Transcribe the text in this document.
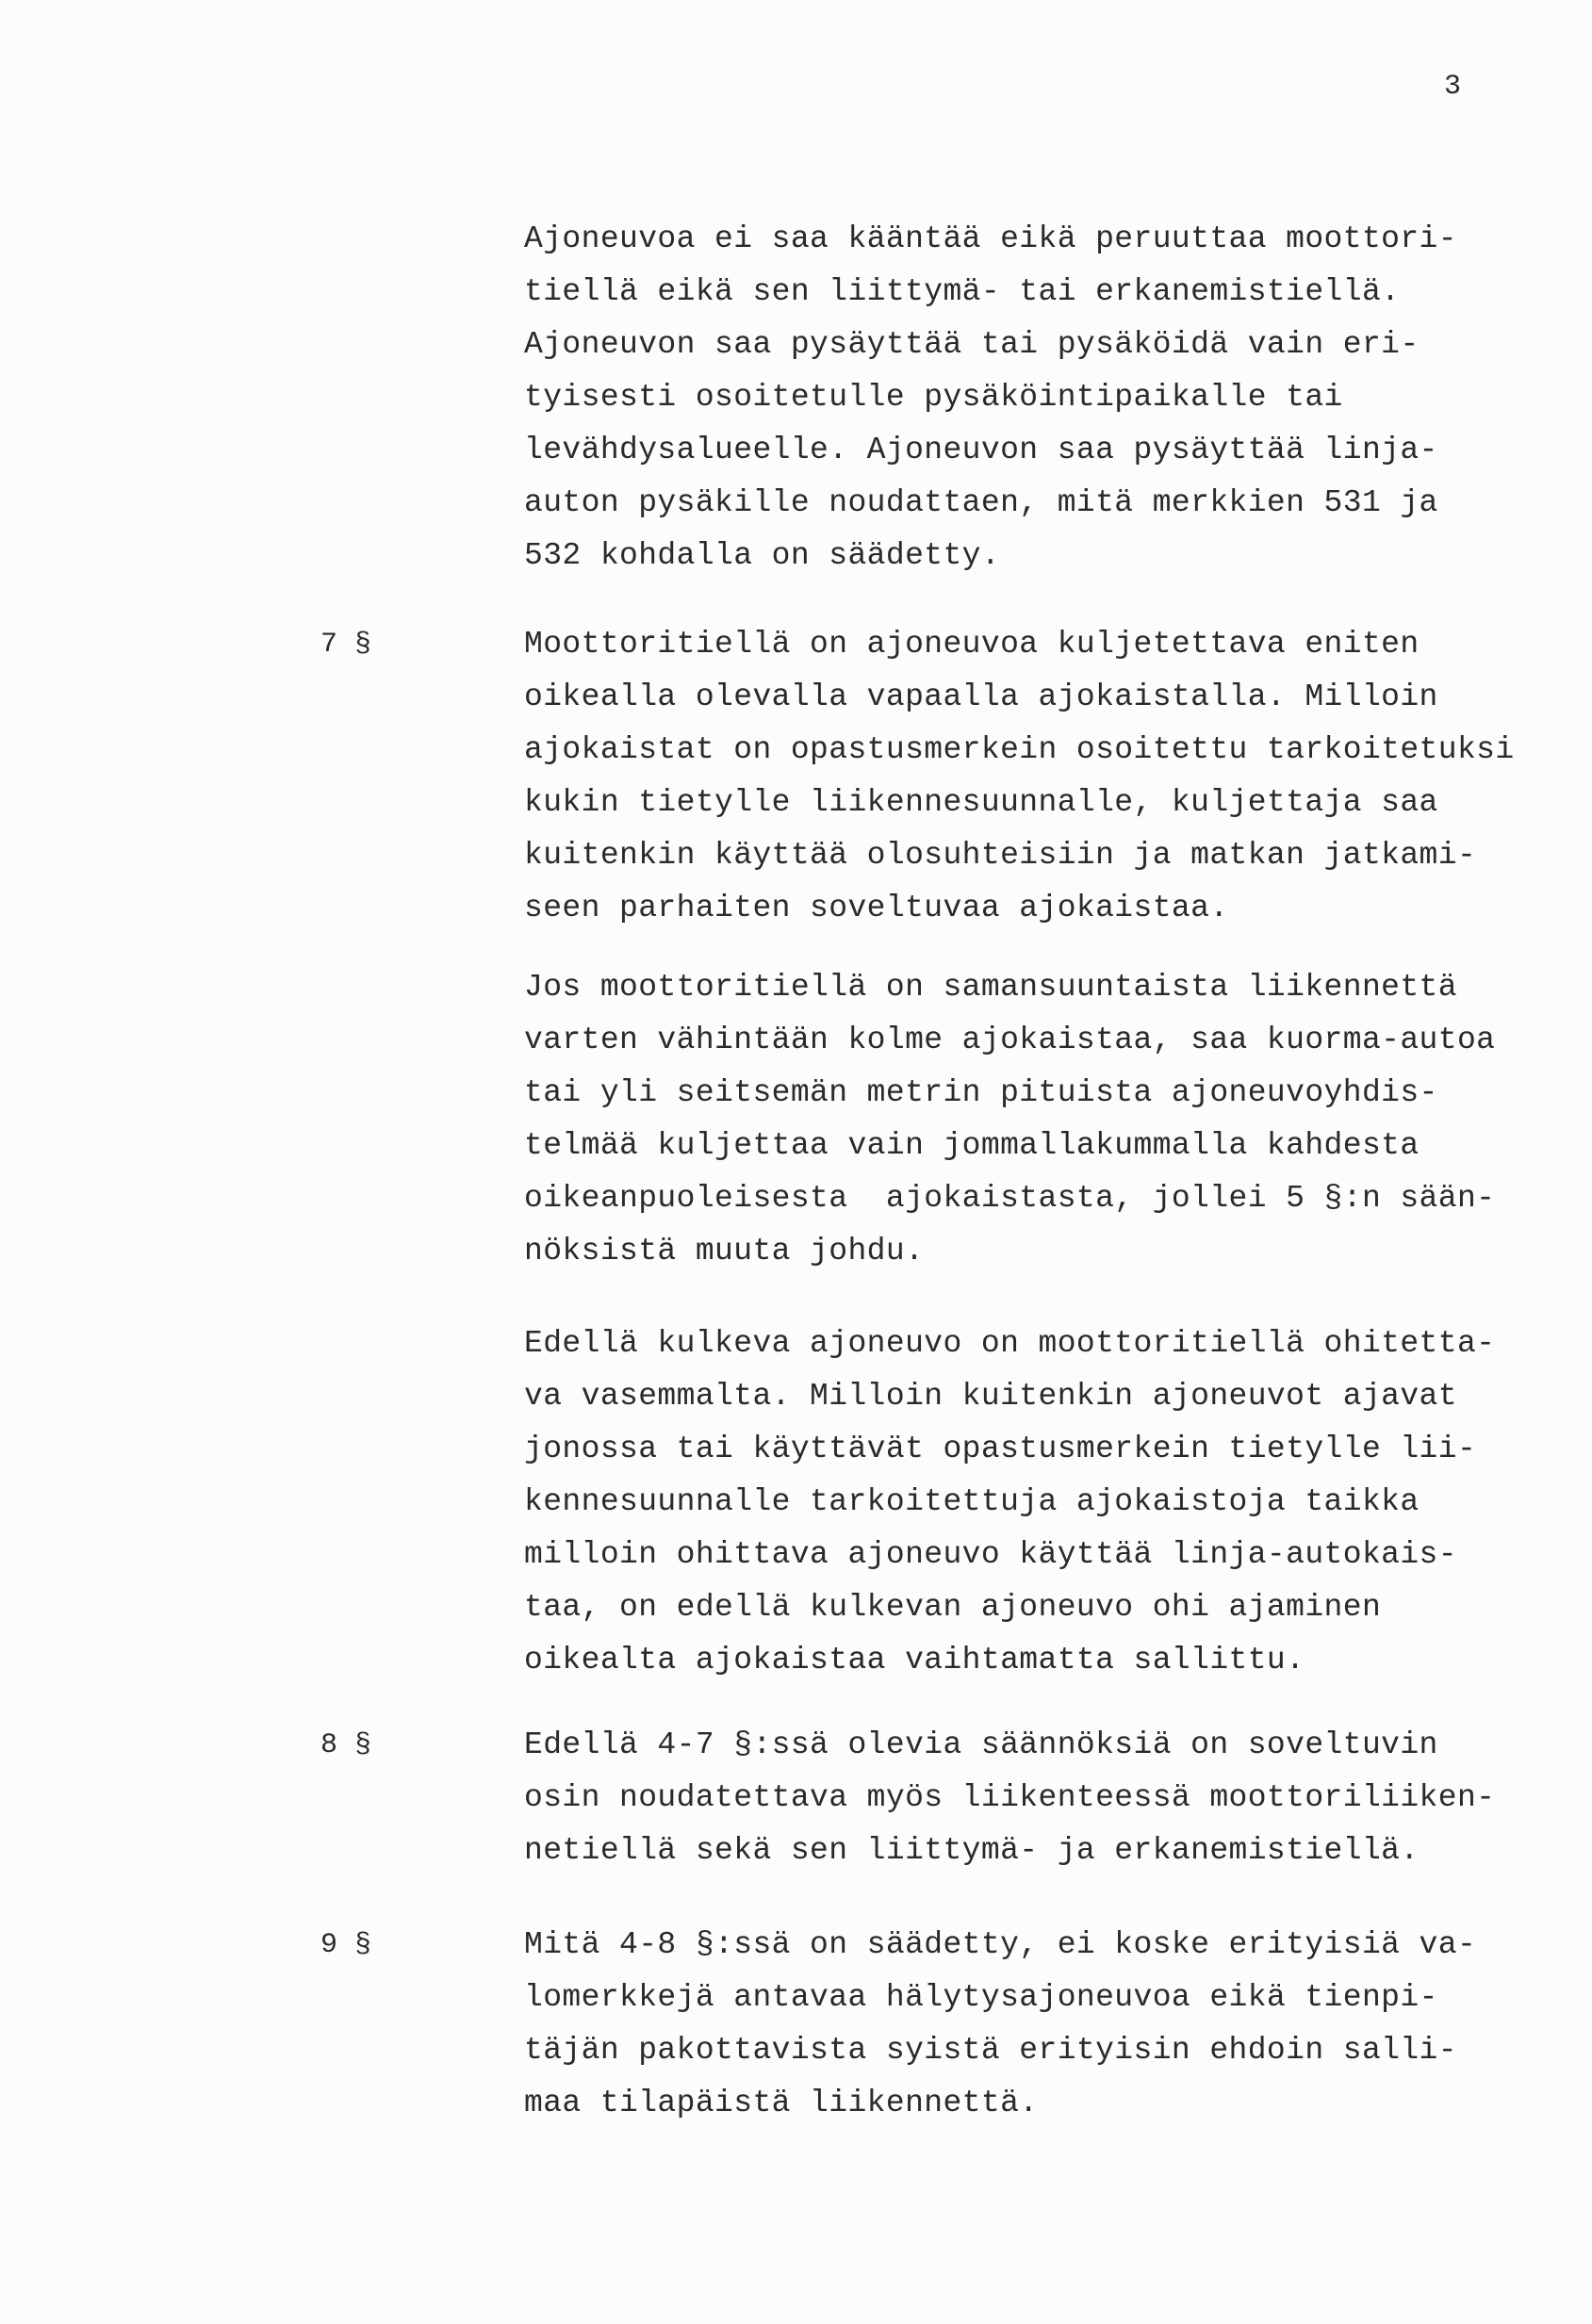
3
Ajoneuvoa ei saa kääntää eikä peruuttaa moottori-
tiellä eikä sen liittymä- tai erkanemistiellä.
Ajoneuvon saa pysäyttää tai pysäköidä vain eri-
tyisesti osoitetulle pysäköintipaikalle tai
levähdysalueelle. Ajoneuvon saa pysäyttää linja-
auton pysäkille noudattaen, mitä merkkien 531 ja
532 kohdalla on säädetty.
7 §	Moottoritiellä on ajoneuvoa kuljetettava eniten
oikealla olevalla vapaalla ajokaistalla. Milloin
ajokaistat on opastusmerkein osoitettu tarkoitetuksi
kukin tietylle liikennesuunnalle, kuljettaja saa
kuitenkin käyttää olosuhteisiin ja matkan jatkami-
seen parhaiten soveltuvaa ajokaistaa.
Jos moottoritiellä on samansuuntaista liikennettä
varten vähintään kolme ajokaistaa, saa kuorma-autoa
tai yli seitsemän metrin pituista ajoneuvoyhdis-
telmää kuljettaa vain jommallakummalla kahdesta
oikeanpuoleisesta  ajokaistasta, jollei 5 §:n sään-
nöksistä muuta johdu.
Edellä kulkeva ajoneuvo on moottoritiellä ohitetta-
va vasemmalta. Milloin kuitenkin ajoneuvot ajavat
jonossa tai käyttävät opastusmerkein tietylle lii-
kennesuunnalle tarkoitettuja ajokaistoja taikka
milloin ohittava ajoneuvo käyttää linja-autokais-
taa, on edellä kulkevan ajoneuvo ohi ajaminen
oikealta ajokaistaa vaihtamatta sallittu.
8 §	Edellä 4-7 §:ssä olevia säännöksiä on soveltuvin
osin noudatettava myös liikenteessä moottoriliiken-
netiellä sekä sen liittymä- ja erkanemistiellä.
9 §	Mitä 4-8 §:ssä on säädetty, ei koske erityisiä va-
lomerkkejä antavaa hälytysajoneuvoa eikä tienpi-
täjän pakottavista syistä erityisin ehdoin salli-
maa tilapäistä liikennettä.
